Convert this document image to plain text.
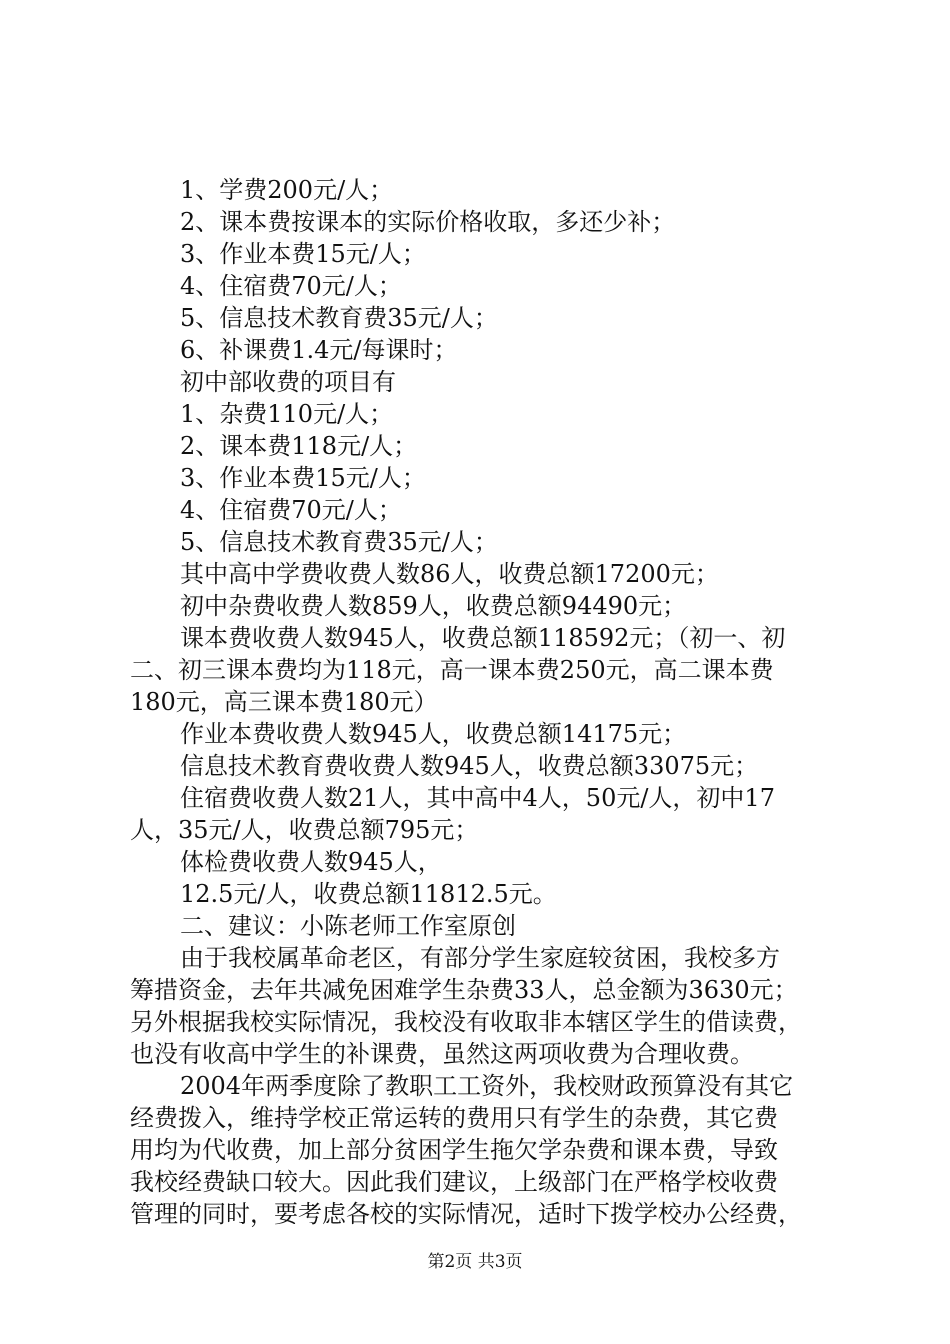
1、学费200元/人；
2、课本费按课本的实际价格收取，多还少补；
3、作业本费15元/人；
4、住宿费70元/人；
5、信息技术教育费35元/人；
6、补课费1.4元/每课时；
初中部收费的项目有
1、杂费110元/人；
2、课本费118元/人；
3、作业本费15元/人；
4、住宿费70元/人；
5、信息技术教育费35元/人；
其中高中学费收费人数86人，收费总额17200元；
初中杂费收费人数859人，收费总额94490元；
课本费收费人数945人，收费总额118592元；（初一、初
二、初三课本费均为118元，高一课本费250元，高二课本费
180元，高三课本费180元）
作业本费收费人数945人，收费总额14175元；
信息技术教育费收费人数945人，收费总额33075元；
住宿费收费人数21人，其中高中4人，50元/人，初中17
人，35元/人，收费总额795元；
体检费收费人数945人，
12.5元/人，收费总额11812.5元。
二、建议：小陈老师工作室原创
由于我校属革命老区，有部分学生家庭较贫困，我校多方
筹措资金，去年共减免困难学生杂费33人，总金额为3630元；
另外根据我校实际情况，我校没有收取非本辖区学生的借读费，
也没有收高中学生的补课费，虽然这两项收费为合理收费。
2004年两季度除了教职工工资外，我校财政预算没有其它
经费拨入，维持学校正常运转的费用只有学生的杂费，其它费
用均为代收费，加上部分贫困学生拖欠学杂费和课本费，导致
我校经费缺口较大。因此我们建议，上级部门在严格学校收费
管理的同时，要考虑各校的实际情况，适时下拨学校办公经费，
第2页 共3页
